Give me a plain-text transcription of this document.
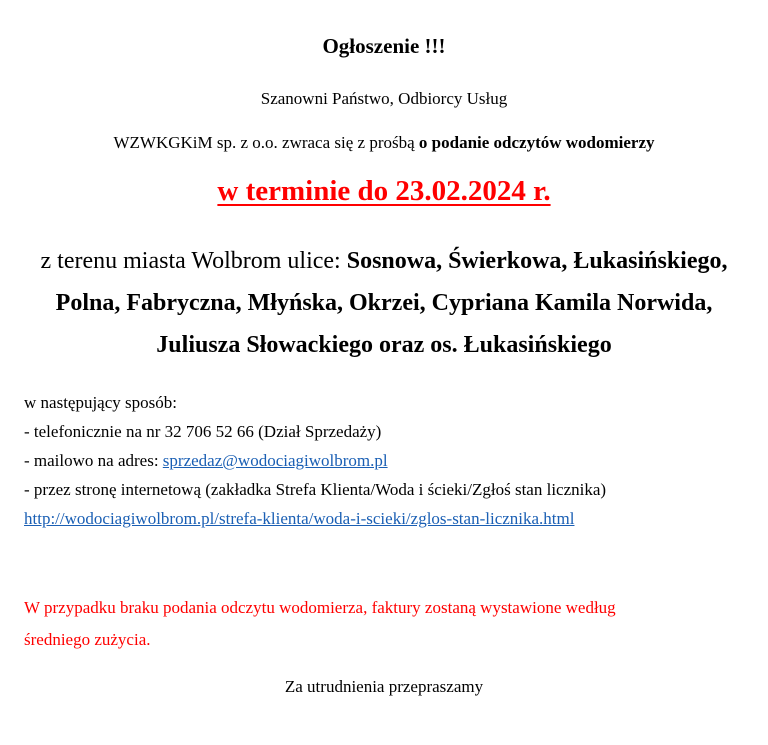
Ogłoszenie !!!
Szanowni Państwo, Odbiorcy Usług
WZWKGKiM sp. z o.o. zwraca się z prośbą o podanie odczytów wodomierzy
w terminie do 23.02.2024 r.
z terenu miasta Wolbrom ulice: Sosnowa, Świerkowa, Łukasińskiego,
Polna, Fabryczna, Młyńska, Okrzei, Cypriana Kamila Norwida,
Juliusza Słowackiego oraz os. Łukasińskiego
w następujący sposób:
- telefonicznie na nr 32 706 52 66 (Dział Sprzedaży)
- mailowo na adres: sprzedaz@wodociagiwolbrom.pl
- przez stronę internetową (zakładka Strefa Klienta/Woda i ścieki/Zgłoś stan licznika)
http://wodociagiwolbrom.pl/strefa-klienta/woda-i-scieki/zglos-stan-licznika.html
W przypadku braku podania odczytu wodomierza, faktury zostaną wystawione według
średniego zużycia.
Za utrudnienia przepraszamy
